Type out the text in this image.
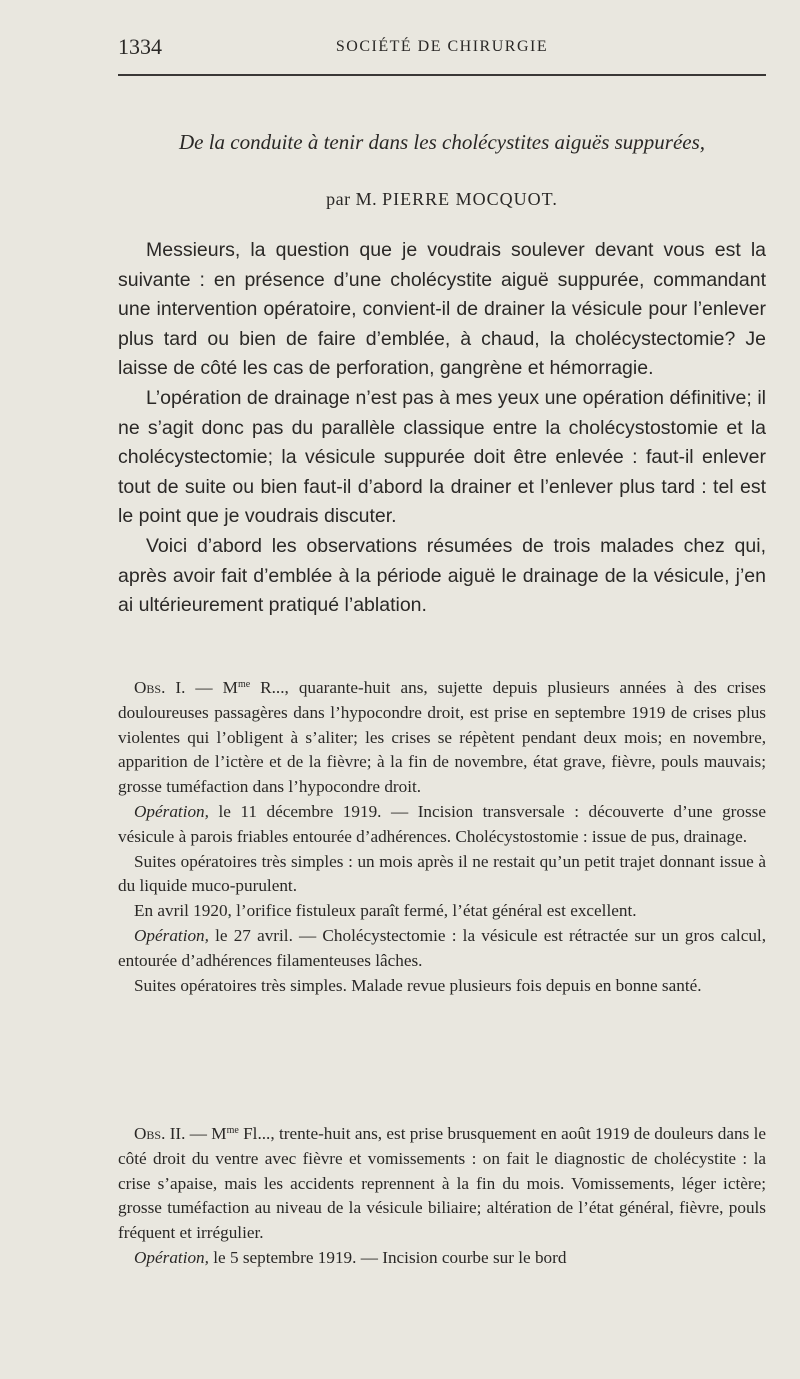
1334	SOCIÉTÉ DE CHIRURGIE
De la conduite à tenir dans les cholécystites aiguës suppurées,
par M. PIERRE MOCQUOT.

Messieurs, la question que je voudrais soulever devant vous est la suivante : en présence d’une cholécystite aiguë suppurée, commandant une intervention opératoire, convient-il de drainer la vésicule pour l’enlever plus tard ou bien de faire d’emblée, à chaud, la cholécystectomie? Je laisse de côté les cas de perforation, gangrène et hémorragie.

L’opération de drainage n’est pas à mes yeux une opération définitive; il ne s’agit donc pas du parallèle classique entre la cholécystostomie et la cholécystectomie; la vésicule suppurée doit être enlevée : faut-il enlever tout de suite ou bien faut-il d’abord la drainer et l’enlever plus tard : tel est le point que je voudrais discuter.

Voici d’abord les observations résumées de trois malades chez qui, après avoir fait d’emblée à la période aiguë le drainage de la vésicule, j’en ai ultérieurement pratiqué l’ablation.

Obs. I. — $M^{me}$ R..., quarante-huit ans, sujette depuis plusieurs années à des crises douloureuses passagères dans l’hypocondre droit, est prise en septembre 1919 de crises plus violentes qui l’obligent à s’aliter; les crises se répètent pendant deux mois; en novembre, apparition de l’ictère et de la fièvre; à la fin de novembre, état grave, fièvre, pouls mauvais; grosse tuméfaction dans l’hypocondre droit.

Opération, le 11 décembre 1919. — Incision transversale : découverte d’une grosse vésicule à parois friables entourée d’adhérences. Cholécystostomie : issue de pus, drainage.

Suites opératoires très simples : un mois après il ne restait qu’un petit trajet donnant issue à du liquide muco-purulent.

En avril 1920, l’orifice fistuleux paraît fermé, l’état général est excellent.

Opération, le 27 avril. — Cholécystectomie : la vésicule est rétractée sur un gros calcul, entourée d’adhérences filamenteuses lâches.

Suites opératoires très simples. Malade revue plusieurs fois depuis en bonne santé.

Obs. II. — $M^{me}$ Fl..., trente-huit ans, est prise brusquement en août 1919 de douleurs dans le côté droit du ventre avec fièvre et vomissements : on fait le diagnostic de cholécystite : la crise s’apaise, mais les accidents reprennent à la fin du mois. Vomissements, léger ictère; grosse tuméfaction au niveau de la vésicule biliaire; altération de l’état général, fièvre, pouls fréquent et irrégulier.

Opération, le 5 septembre 1919. — Incision courbe sur le bord
